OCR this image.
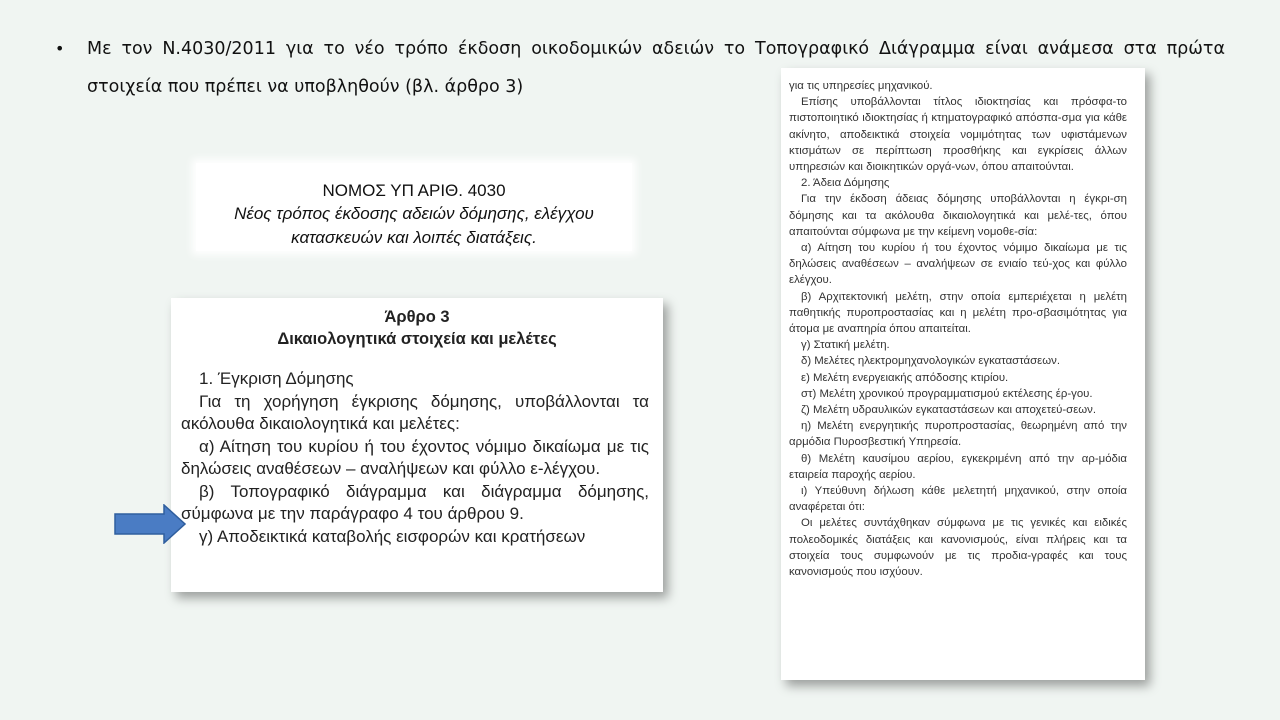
•	Με τον Ν.4030/2011 για το νέο τρόπο έκδοση οικοδομικών αδειών το Τοπογραφικό Διάγραμμα είναι ανάμεσα στα πρώτα στοιχεία που πρέπει να υποβληθούν (βλ. άρθρο 3)
ΝΟΜΟΣ ΥΠ ΑΡΙΘ. 4030
Νέος τρόπος έκδοσης αδειών δόμησης, ελέγχου
κατασκευών και λοιπές διατάξεις.
Άρθρο 3
Δικαιολογητικά στοιχεία και μελέτες

1. Έγκριση Δόμησης

Για τη χορήγηση έγκρισης δόμησης, υποβάλλονται τα ακόλουθα δικαιολογητικά και μελέτες:

α) Αίτηση του κυρίου ή του έχοντος νόμιμο δικαίωμα με τις δηλώσεις αναθέσεων – αναλήψεων και φύλλο ε-λέγχου.

β) Τοπογραφικό διάγραμμα και διάγραμμα δόμησης, σύμφωνα με την παράγραφο 4 του άρθρου 9.

γ) Αποδεικτικά καταβολής εισφορών και κρατήσεων

για τις υπηρεσίες μηχανικού.

Επίσης υποβάλλονται τίτλος ιδιοκτησίας και πρόσφα-το πιστοποιητικό ιδιοκτησίας ή κτηματογραφικό απόσπα-σμα για κάθε ακίνητο, αποδεικτικά στοιχεία νομιμότητας των υφιστάμενων κτισμάτων σε περίπτωση προσθήκης και εγκρίσεις άλλων υπηρεσιών και διοικητικών οργά-νων, όπου απαιτούνται.

2. Άδεια Δόμησης

Για την έκδοση άδειας δόμησης υποβάλλονται η έγκρι-ση δόμησης και τα ακόλουθα δικαιολογητικά και μελέ-τες, όπου απαιτούνται σύμφωνα με την κείμενη νομοθε-σία:

α) Αίτηση του κυρίου ή του έχοντος νόμιμο δικαίωμα με τις δηλώσεις αναθέσεων – αναλήψεων σε ενιαίο τεύ-χος και φύλλο ελέγχου.

β) Αρχιτεκτονική μελέτη, στην οποία εμπεριέχεται η μελέτη παθητικής πυροπροστασίας και η μελέτη προ-σβασιμότητας για άτομα με αναπηρία όπου απαιτείται.

γ) Στατική μελέτη.

δ) Μελέτες ηλεκτρομηχανολογικών εγκαταστάσεων.

ε) Μελέτη ενεργειακής απόδοσης κτιρίου.

στ) Μελέτη χρονικού προγραμματισμού εκτέλεσης έρ-γου.

ζ) Μελέτη υδραυλικών εγκαταστάσεων και αποχετεύ-σεων.

η) Μελέτη ενεργητικής πυροπροστασίας, θεωρημένη από την αρμόδια Πυροσβεστική Υπηρεσία.

θ) Μελέτη καυσίμου αερίου, εγκεκριμένη από την αρ-μόδια εταιρεία παροχής αερίου.

ι) Υπεύθυνη δήλωση κάθε μελετητή μηχανικού, στην οποία αναφέρεται ότι:

Οι μελέτες συντάχθηκαν σύμφωνα με τις γενικές και ειδικές πολεοδομικές διατάξεις και κανονισμούς, είναι πλήρεις και τα στοιχεία τους συμφωνούν με τις προδια-γραφές και τους κανονισμούς που ισχύουν.
